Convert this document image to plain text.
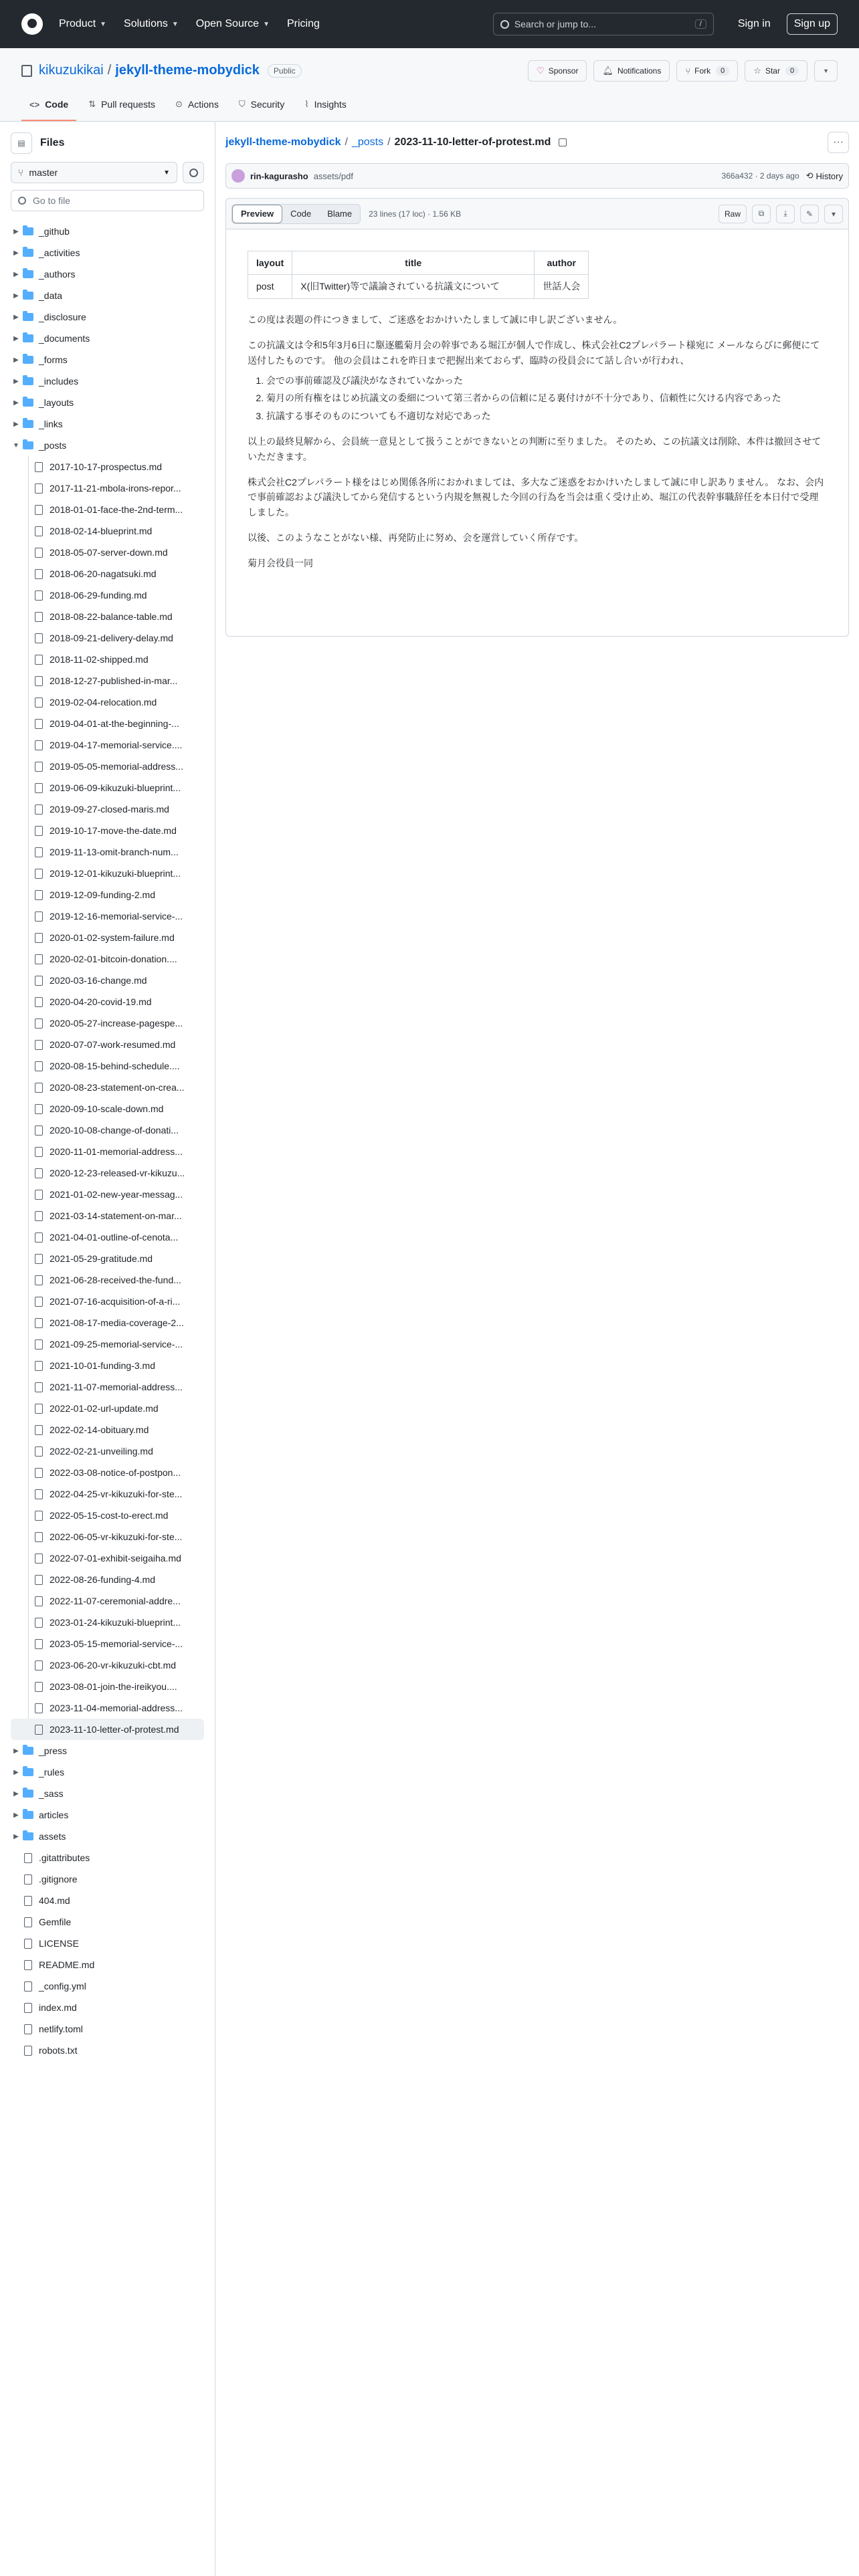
Product ▼ Solutions ▼ Open Source ▼ Pricing	Search or jump to...	/	Sign in	Sign up
kikuzukikai / jekyll-theme-mobydick	Public	♡ Sponsor	🔔︎ Notifications	⑂ Fork	0	☆ Star	0	▼
<> Code ⇅ Pull requests ⊙ Actions ⛉ Security ⌇ Insights
▤	Files
⑂ master	▼
Go to file
▶ _github
▶ _activities
▶ _authors
▶ _data
▶ _disclosure
▶ _documents
▶ _forms
▶ _includes
▶ _layouts
▶ _links
▼ _posts
2017-10-17-prospectus.md
2017-11-21-mbola-irons-repor...
2018-01-01-face-the-2nd-term...
2018-02-14-blueprint.md
2018-05-07-server-down.md
2018-06-20-nagatsuki.md
2018-06-29-funding.md
2018-08-22-balance-table.md
2018-09-21-delivery-delay.md
2018-11-02-shipped.md
2018-12-27-published-in-mar...
2019-02-04-relocation.md
2019-04-01-at-the-beginning-...
2019-04-17-memorial-service....
2019-05-05-memorial-address...
2019-06-09-kikuzuki-blueprint...
2019-09-27-closed-maris.md
2019-10-17-move-the-date.md
2019-11-13-omit-branch-num...
2019-12-01-kikuzuki-blueprint...
2019-12-09-funding-2.md
2019-12-16-memorial-service-...
2020-01-02-system-failure.md
2020-02-01-bitcoin-donation....
2020-03-16-change.md
2020-04-20-covid-19.md
2020-05-27-increase-pagespe...
2020-07-07-work-resumed.md
2020-08-15-behind-schedule....
2020-08-23-statement-on-crea...
2020-09-10-scale-down.md
2020-10-08-change-of-donati...
2020-11-01-memorial-address...
2020-12-23-released-vr-kikuzu...
2021-01-02-new-year-messag...
2021-03-14-statement-on-mar...
2021-04-01-outline-of-cenota...
2021-05-29-gratitude.md
2021-06-28-received-the-fund...
2021-07-16-acquisition-of-a-ri...
2021-08-17-media-coverage-2...
2021-09-25-memorial-service-...
2021-10-01-funding-3.md
2021-11-07-memorial-address...
2022-01-02-url-update.md
2022-02-14-obituary.md
2022-02-21-unveiling.md
2022-03-08-notice-of-postpon...
2022-04-25-vr-kikuzuki-for-ste...
2022-05-15-cost-to-erect.md
2022-06-05-vr-kikuzuki-for-ste...
2022-07-01-exhibit-seigaiha.md
2022-08-26-funding-4.md
2022-11-07-ceremonial-addre...
2023-01-24-kikuzuki-blueprint...
2023-05-15-memorial-service-...
2023-06-20-vr-kikuzuki-cbt.md
2023-08-01-join-the-ireikyou....
2023-11-04-memorial-address...
2023-11-10-letter-of-protest.md
▶ _press
▶ _rules
▶ _sass
▶ articles
▶ assets
.gitattributes
.gitignore
404.md
Gemfile
LICENSE
README.md
_config.yml
index.md
netlify.toml
robots.txt
jekyll-theme-mobydick / _posts / 2023-11-10-letter-of-protest.md	···
rin-kagurasho assets/pdf	366a432 · 2 days ago ⟲ History
Preview	Code	Blame	23 lines (17 loc) · 1.56 KB	Raw	⧉	⤓	✎	▾
layout	title	author
post	X(旧Twitter)等で議論されている抗議文について	世話人会

この度は表題の件につきまして、ご迷惑をおかけいたしまして誠に申し訳ございません。

この抗議文は令和5年3月6日に駆逐艦菊月会の幹事である堀江が個人で作成し、株式会社C2プレパラート様宛に メールならびに郵便にて送付したものです。 他の会員はこれを昨日まで把握出来ておらず、臨時の役員会にて話し合いが行われ、

1. 会での事前確認及び議決がなされていなかった
2. 菊月の所有権をはじめ抗議文の委細について第三者からの信頼に足る裏付けが不十分であり、信頼性に欠ける内容であった
3. 抗議する事そのものについても不適切な対応であった

以上の最終見解から、会員統一意見として扱うことができないとの判断に至りました。 そのため、この抗議文は削除、本件は撤回させていただきます。

株式会社C2プレパラート様をはじめ関係各所におかれましては、多大なご迷惑をおかけいたしまして誠に申し訳ありません。 なお、会内で事前確認および議決してから発信するという内規を無視した今回の行為を当会は重く受け止め、堀江の代表幹事職辞任を本日付で受理しました。

以後、このようなことがない様、再発防止に努め、会を運営していく所存です。

菊月会役員一同
